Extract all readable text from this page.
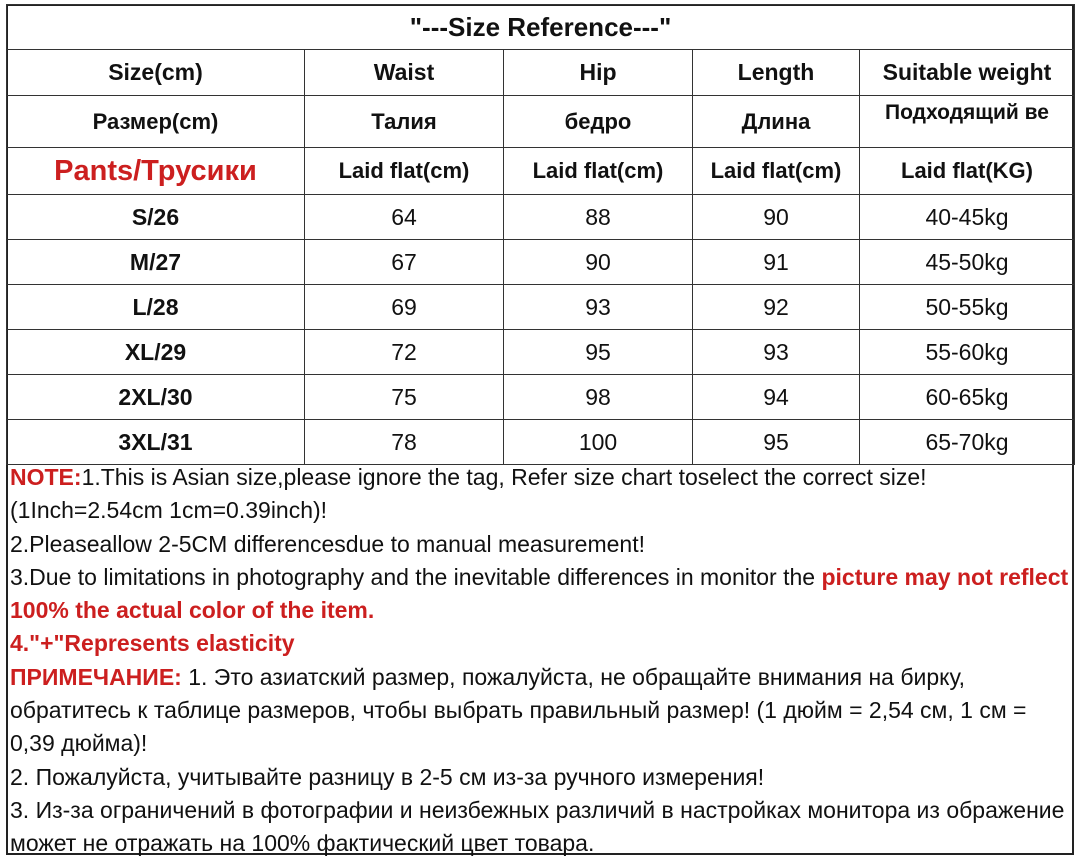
"---Size Reference---"				
Size(cm)	Waist	Hip	Length	Suitable weight
Размер(cm)	Талия	бедро	Длина	Подходящий ве
Pants/Трусики	Laid flat(cm)	Laid flat(cm)	Laid flat(cm)	Laid flat(KG)
S/26	64	88	90	40-45kg
M/27	67	90	91	45-50kg
L/28	69	93	92	50-55kg
XL/29	72	95	93	55-60kg
2XL/30	75	98	94	60-65kg
3XL/31	78	100	95	65-70kg

NOTE:1.This is Asian size,please ignore the tag, Refer size chart toselect the correct size!(1Inch=2.54cm 1cm=0.39inch)!

2.Pleaseallow 2-5CM differencesdue to manual measurement!

3.Due to limitations in photography and the inevitable differences in monitor the picture may not reflect 100% the actual color of the item.

4."+"Represents elasticity

ПРИМЕЧАНИЕ: 1. Это азиатский размер, пожалуйста, не обращайте внимания на бирку, обратитесь к таблице размеров, чтобы выбрать правильный размер! (1 дюйм = 2,54 см, 1 см = 0,39 дюйма)!

2. Пожалуйста, учитывайте разницу в 2-5 см из-за ручного измерения!

3. Из-за ограничений в фотографии и неизбежных различий в настройках монитора из ображение может не отражать на 100% фактический цвет товара.
